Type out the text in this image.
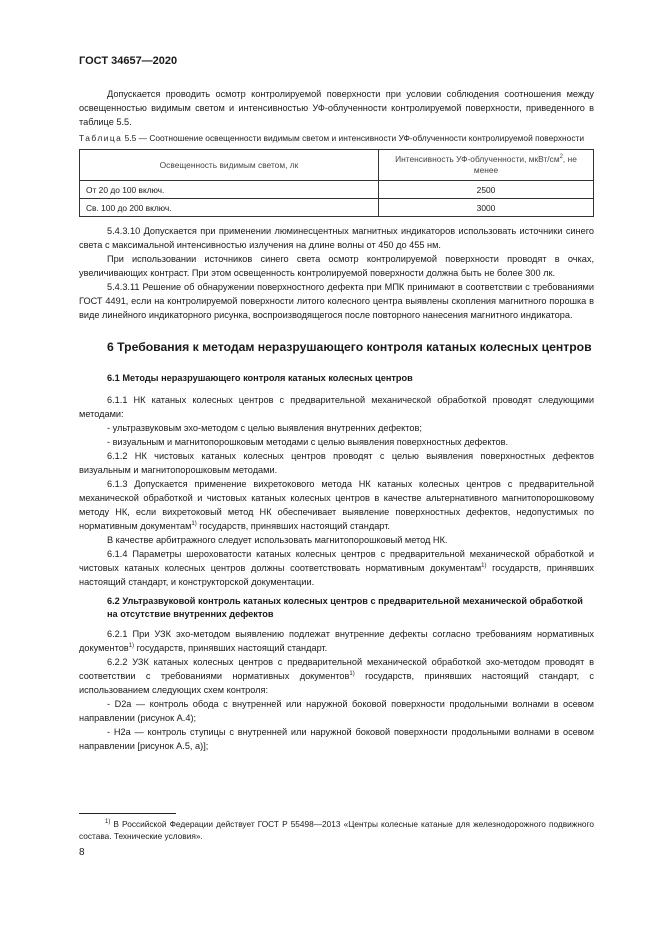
ГОСТ 34657—2020

Допускается проводить осмотр контролируемой поверхности при условии соблюдения соотношения между освещенностью видимым светом и интенсивностью УФ-облученности контролируемой поверхности, приведенного в таблице 5.5.

Таблица 5.5 — Соотношение освещенности видимым светом и интенсивности УФ-облученности контролируемой поверхности

Освещенность видимым светом, лк	Интенсивность УФ-облученности, мкВт/$см^2$, не менее
От 20 до 100 включ.	2500
Св. 100 до 200 включ.	3000

5.4.3.10 Допускается при применении люминесцентных магнитных индикаторов использовать источники синего света с максимальной интенсивностью излучения на длине волны от 450 до 455 нм.

При использовании источников синего света осмотр контролируемой поверхности проводят в очках, увеличивающих контраст. При этом освещенность контролируемой поверхности должна быть не более 300 лк.

5.4.3.11 Решение об обнаружении поверхностного дефекта при МПК принимают в соответствии с требованиями ГОСТ 4491, если на контролируемой поверхности литого колесного центра выявлены скопления магнитного порошка в виде линейного индикаторного рисунка, воспроизводящегося после повторного нанесения магнитного индикатора.

6 Требования к методам неразрушающего контроля катаных колесных центров
6.1 Методы неразрушающего контроля катаных колесных центров

6.1.1 НК катаных колесных центров с предварительной механической обработкой проводят следующими методами:

- ультразвуковым эхо-методом с целью выявления внутренних дефектов;

- визуальным и магнитопорошковым методами с целью выявления поверхностных дефектов.

6.1.2 НК чистовых катаных колесных центров проводят с целью выявления поверхностных дефектов визуальным и магнитопорошковым методами.

6.1.3 Допускается применение вихретокового метода НК катаных колесных центров с предварительной механической обработкой и чистовых катаных колесных центров в качестве альтернативного магнитопорошковому методу НК, если вихретоковый метод НК обеспечивает выявление поверхностных дефектов, недопустимых по нормативным документам$^{1)}$ государств, принявших настоящий стандарт.

В качестве арбитражного следует использовать магнитопорошковый метод НК.

6.1.4 Параметры шероховатости катаных колесных центров с предварительной механической обработкой и чистовых катаных колесных центров должны соответствовать нормативным документам$^{1)}$ государств, принявших настоящий стандарт, и конструкторской документации.

6.2 Ультразвуковой контроль катаных колесных центров с предварительной механической обработкой на отсутствие внутренних дефектов

6.2.1 При УЗК эхо-методом выявлению подлежат внутренние дефекты согласно требованиям нормативных документов$^{1)}$ государств, принявших настоящий стандарт.

6.2.2 УЗК катаных колесных центров с предварительной механической обработкой эхо-методом проводят в соответствии с требованиями нормативных документов$^{1)}$ государств, принявших настоящий стандарт, с использованием следующих схем контроля:

- D2a — контроль обода с внутренней или наружной боковой поверхности продольными волнами в осевом направлении (рисунок А.4);

- H2a — контроль ступицы с внутренней или наружной боковой поверхности продольными волнами в осевом направлении [рисунок А.5, а)];

$^{1)}$ В Российской Федерации действует ГОСТ Р 55498—2013 «Центры колесные катаные для железнодорожного подвижного состава. Технические условия».

8
